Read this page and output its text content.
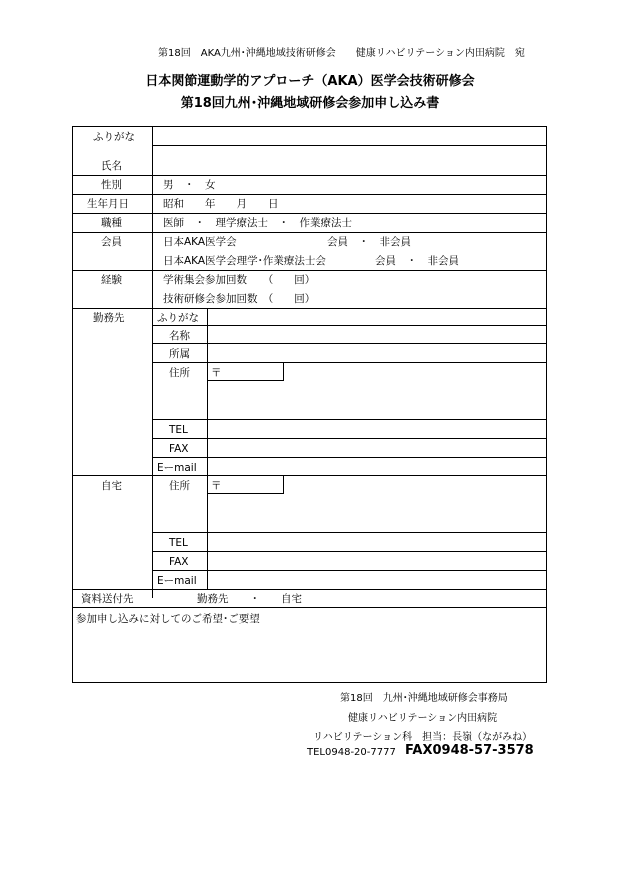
第18回　AKA九州･沖縄地域技術研修会　　健康リハビリテーション内田病院　宛
日本関節運動学的アプローチ（AKA）医学会技術研修会
第18回九州･沖縄地域研修会参加申し込み書
ふりがな
氏名
性別	男　・　女
生年月日	昭和　　年　　月　　日
職種	医師　・　理学療法士　・　作業療法士
会員	日本AKA医学会	会員　・　非会員
日本AKA医学会理学･作業療法士会	会員　・　非会員
経験	学術集会参加回数　　（　　回）
技術研修会参加回数　（　　回）
勤務先	ふりがな
名称
所属
住所 〒
TEL
FAX
Eーmail
自宅	住所 〒
TEL
FAX
Eーmail
資料送付先	勤務先　　・　　自宅
参加申し込みに対してのご希望･ご要望
第18回　九州･沖縄地域研修会事務局
健康リハビリテーション内田病院
リハビリテーション科　担当：長嶺（ながみね）
TEL0948-20-7777 FAX0948-57-3578
